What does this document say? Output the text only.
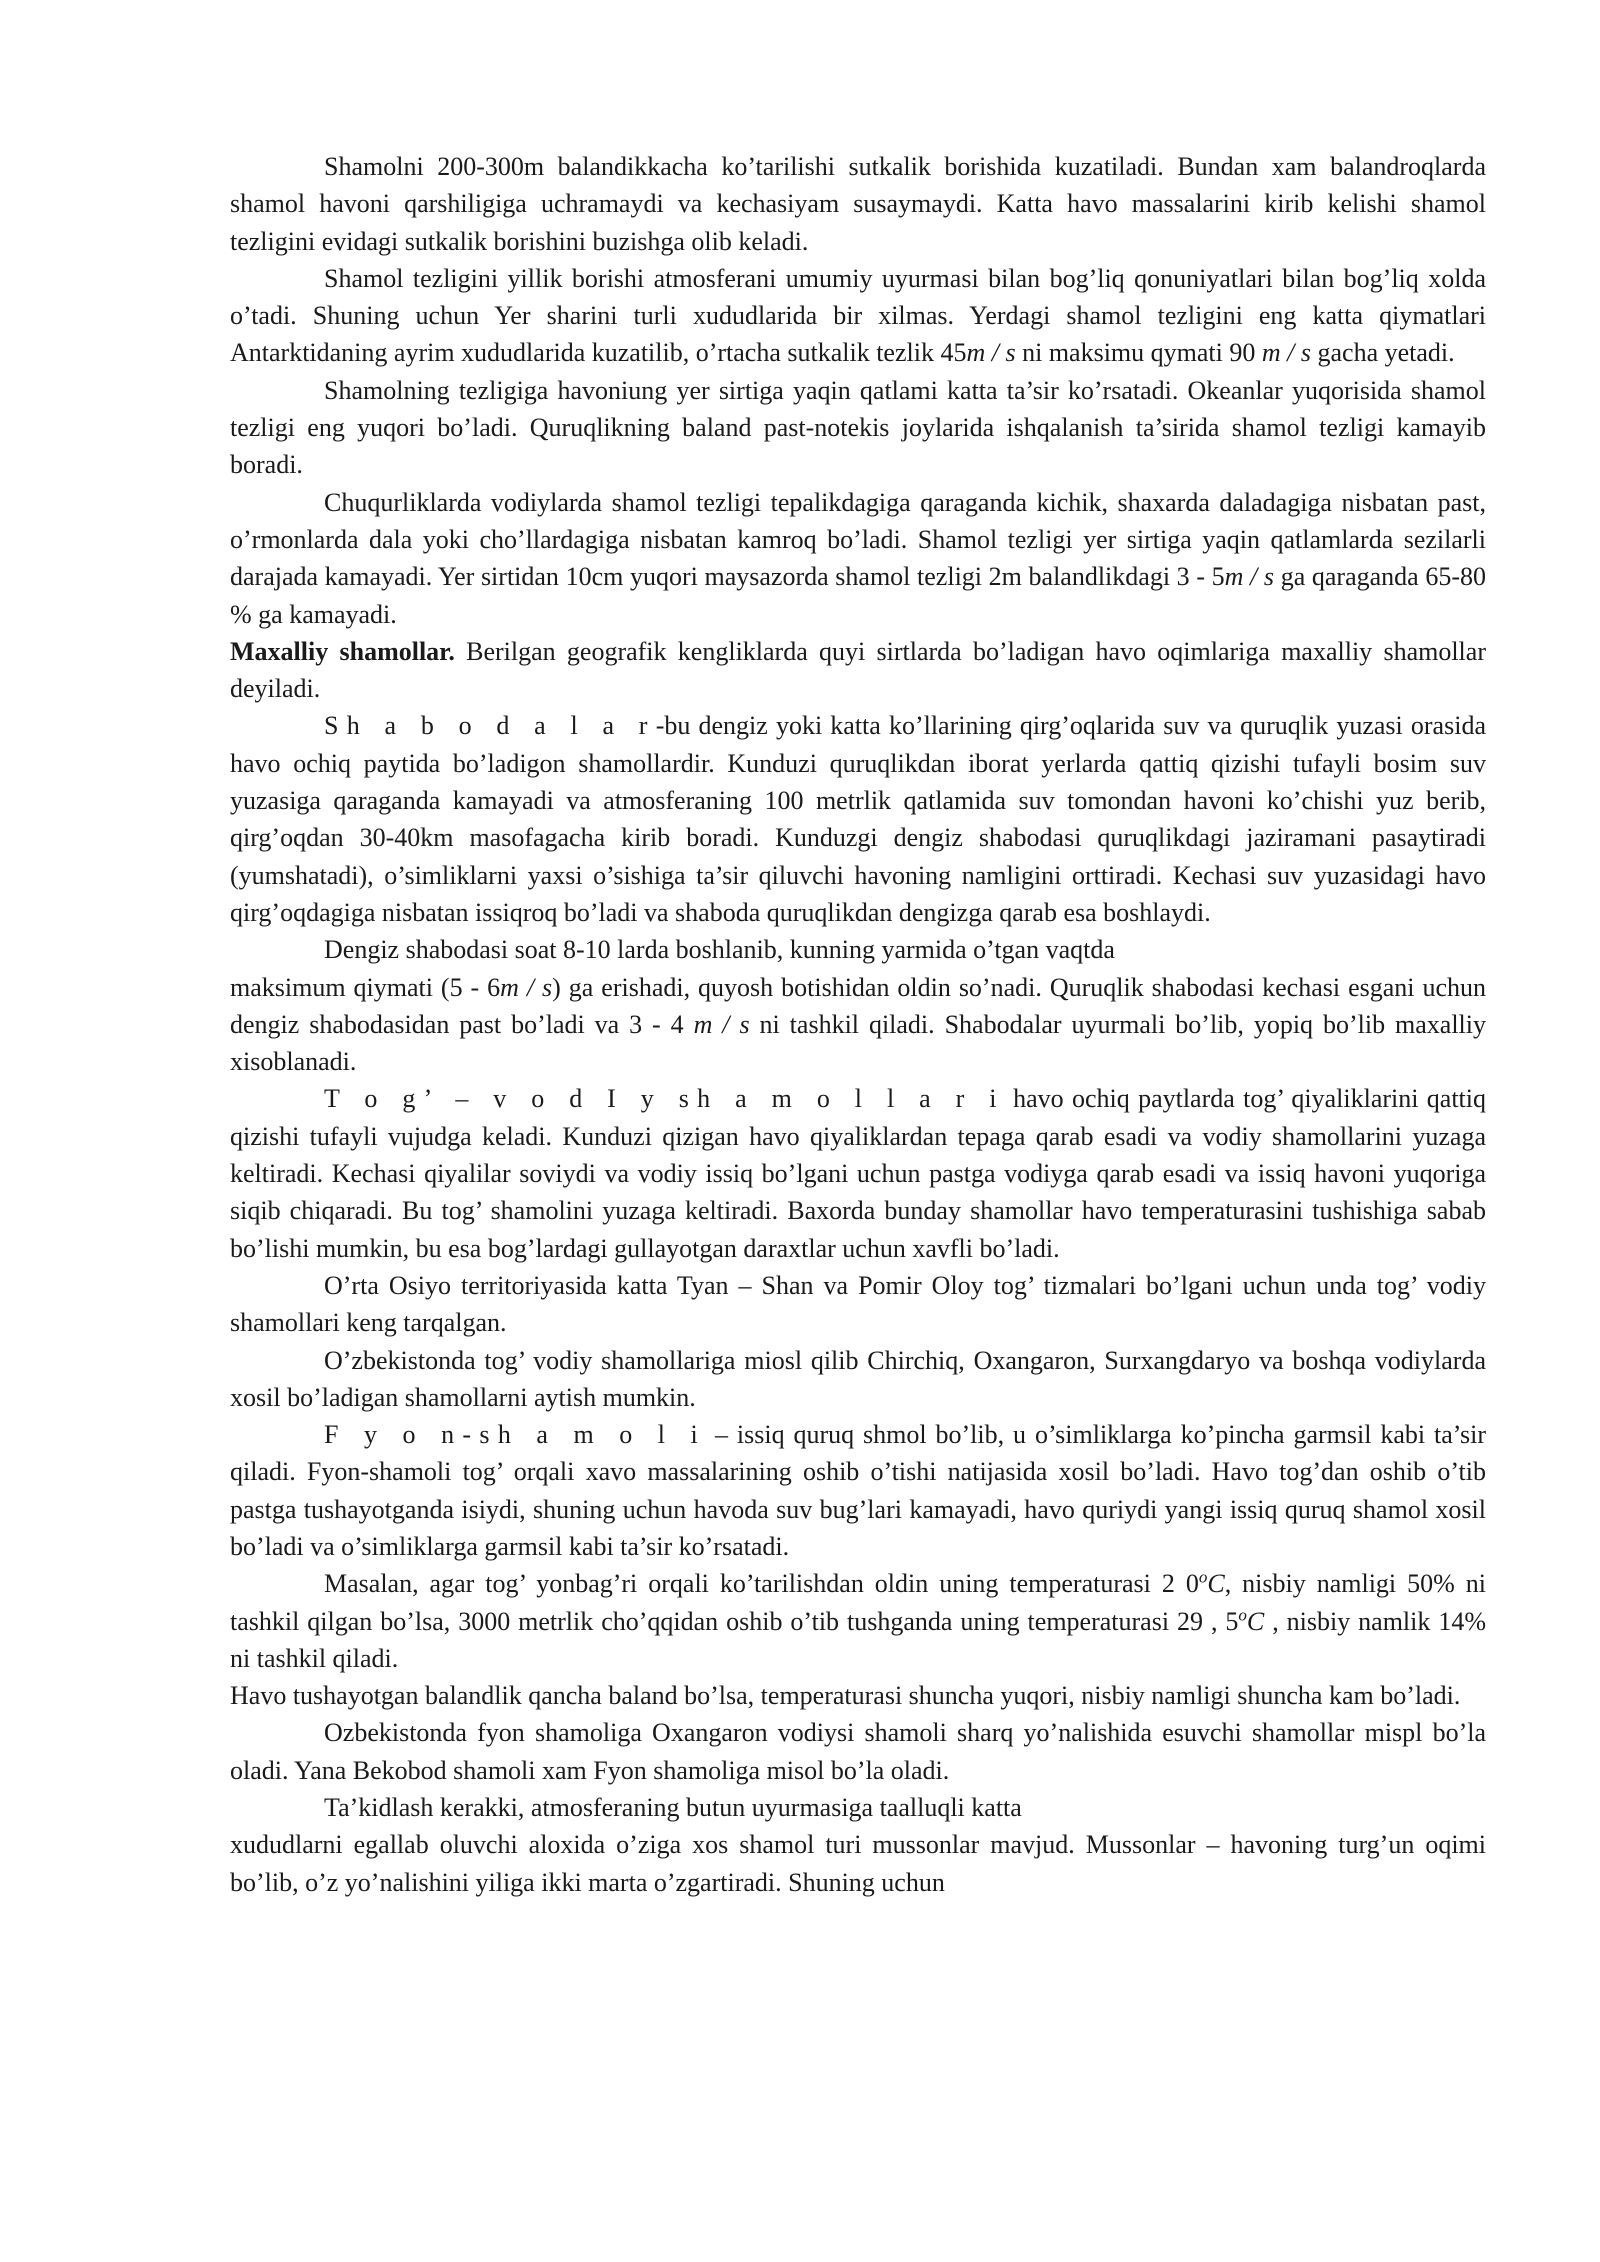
Shamolni 200-300m balandikkacha ko’tarilishi sutkalik borishida kuzatiladi. Bundan xam balandroqlarda shamol havoni qarshiligiga uchramaydi va kechasiyam susaymaydi. Katta havo massalarini kirib kelishi shamol tezligini evidagi sutkalik borishini buzishga olib keladi.

Shamol tezligini yillik borishi atmosferani umumiy uyurmasi bilan bog’liq qonuniyatlari bilan bog’liq xolda o’tadi. Shuning uchun Yer sharini turli xududlarida bir xilmas. Yerdagi shamol tezligini eng katta qiymatlari Antarktidaning ayrim xududlarida kuzatilib, o’rtacha sutkalik tezlik 45m / s ni maksimu qymati 90 m / s gacha yetadi.

Shamolning tezligiga havoniung yer sirtiga yaqin qatlami katta ta’sir ko’rsatadi. Okeanlar yuqorisida shamol tezligi eng yuqori bo’ladi. Quruqlikning baland past-notekis joylarida ishqalanish ta’sirida shamol tezligi kamayib boradi.

Chuqurliklarda vodiylarda shamol tezligi tepalikdagiga qaraganda kichik, shaxarda daladagiga nisbatan past, o’rmonlarda dala yoki cho’llardagiga nisbatan kamroq bo’ladi. Shamol tezligi yer sirtiga yaqin qatlamlarda sezilarli darajada kamayadi. Yer sirtidan 10cm yuqori maysazorda shamol tezligi 2m balandlikdagi 3 - 5m / s ga qaraganda 65-80 % ga kamayadi.

Maxalliy shamollar. Berilgan geografik kengliklarda quyi sirtlarda bo’ladigan havo oqimlariga maxalliy shamollar deyiladi.

Sh a b o d a l a r-bu dengiz yoki katta ko’llarining qirg’oqlarida suv va quruqlik yuzasi orasida havo ochiq paytida bo’ladigon shamollardir. Kunduzi quruqlikdan iborat yerlarda qattiq qizishi tufayli bosim suv yuzasiga qaraganda kamayadi va atmosferaning 100 metrlik qatlamida suv tomondan havoni ko’chishi yuz berib, qirg’oqdan 30-40km masofagacha kirib boradi. Kunduzgi dengiz shabodasi quruqlikdagi jaziramani pasaytiradi (yumshatadi), o’simliklarni yaxsi o’sishiga ta’sir qiluvchi havoning namligini orttiradi. Kechasi suv yuzasidagi havo qirg’oqdagiga nisbatan issiqroq bo’ladi va shaboda quruqlikdan dengizga qarab esa boshlaydi.

Dengiz shabodasi soat 8-10 larda boshlanib, kunning yarmida o’tgan vaqtda

maksimum qiymati (5 - 6m / s) ga erishadi, quyosh botishidan oldin so’nadi. Quruqlik shabodasi kechasi esgani uchun dengiz shabodasidan past bo’ladi va 3 - 4 m / s ni tashkil qiladi. Shabodalar uyurmali bo’lib, yopiq bo’lib maxalliy xisoblanadi.

T o g’ – v o d I y sh a m o l l a r i havo ochiq paytlarda tog’ qiyaliklarini qattiq qizishi tufayli vujudga keladi. Kunduzi qizigan havo qiyaliklardan tepaga qarab esadi va vodiy shamollarini yuzaga keltiradi. Kechasi qiyalilar soviydi va vodiy issiq bo’lgani uchun pastga vodiyga qarab esadi va issiq havoni yuqoriga siqib chiqaradi. Bu tog’ shamolini yuzaga keltiradi. Baxorda bunday shamollar havo temperaturasini tushishiga sabab bo’lishi mumkin, bu esa bog’lardagi gullayotgan daraxtlar uchun xavfli bo’ladi.

O’rta Osiyo territoriyasida katta Tyan – Shan va Pomir Oloy tog’ tizmalari bo’lgani uchun unda tog’ vodiy shamollari keng tarqalgan.

O’zbekistonda tog’ vodiy shamollariga miosl qilib Chirchiq, Oxangaron, Surxangdaryo va boshqa vodiylarda xosil bo’ladigan shamollarni aytish mumkin.

F y o n-sh a m o l i – issiq quruq shmol bo’lib, u o’simliklarga ko’pincha garmsil kabi ta’sir qiladi. Fyon-shamoli tog’ orqali xavo massalarining oshib o’tishi natijasida xosil bo’ladi. Havo tog’dan oshib o’tib pastga tushayotganda isiydi, shuning uchun havoda suv bug’lari kamayadi, havo quriydi yangi issiq quruq shamol xosil bo’ladi va o’simliklarga garmsil kabi ta’sir ko’rsatadi.

Masalan, agar tog’ yonbag’ri orqali ko’tarilishdan oldin uning temperaturasi 2 0$^o$C, nisbiy namligi 50% ni tashkil qilgan bo’lsa, 3000 metrlik cho’qqidan oshib o’tib tushganda uning temperaturasi 29 , 5$^o$C , nisbiy namlik 14% ni tashkil qiladi.

Havo tushayotgan balandlik qancha baland bo’lsa, temperaturasi shuncha yuqori, nisbiy namligi shuncha kam bo’ladi.

Ozbekistonda fyon shamoliga Oxangaron vodiysi shamoli sharq yo’nalishida esuvchi shamollar mispl bo’la oladi. Yana Bekobod shamoli xam Fyon shamoliga misol bo’la oladi.

Ta’kidlash kerakki, atmosferaning butun uyurmasiga taalluqli katta

xududlarni egallab oluvchi aloxida o’ziga xos shamol turi mussonlar mavjud. Mussonlar – havoning turg’un oqimi bo’lib, o’z yo’nalishini yiliga ikki marta o’zgartiradi. Shuning uchun
